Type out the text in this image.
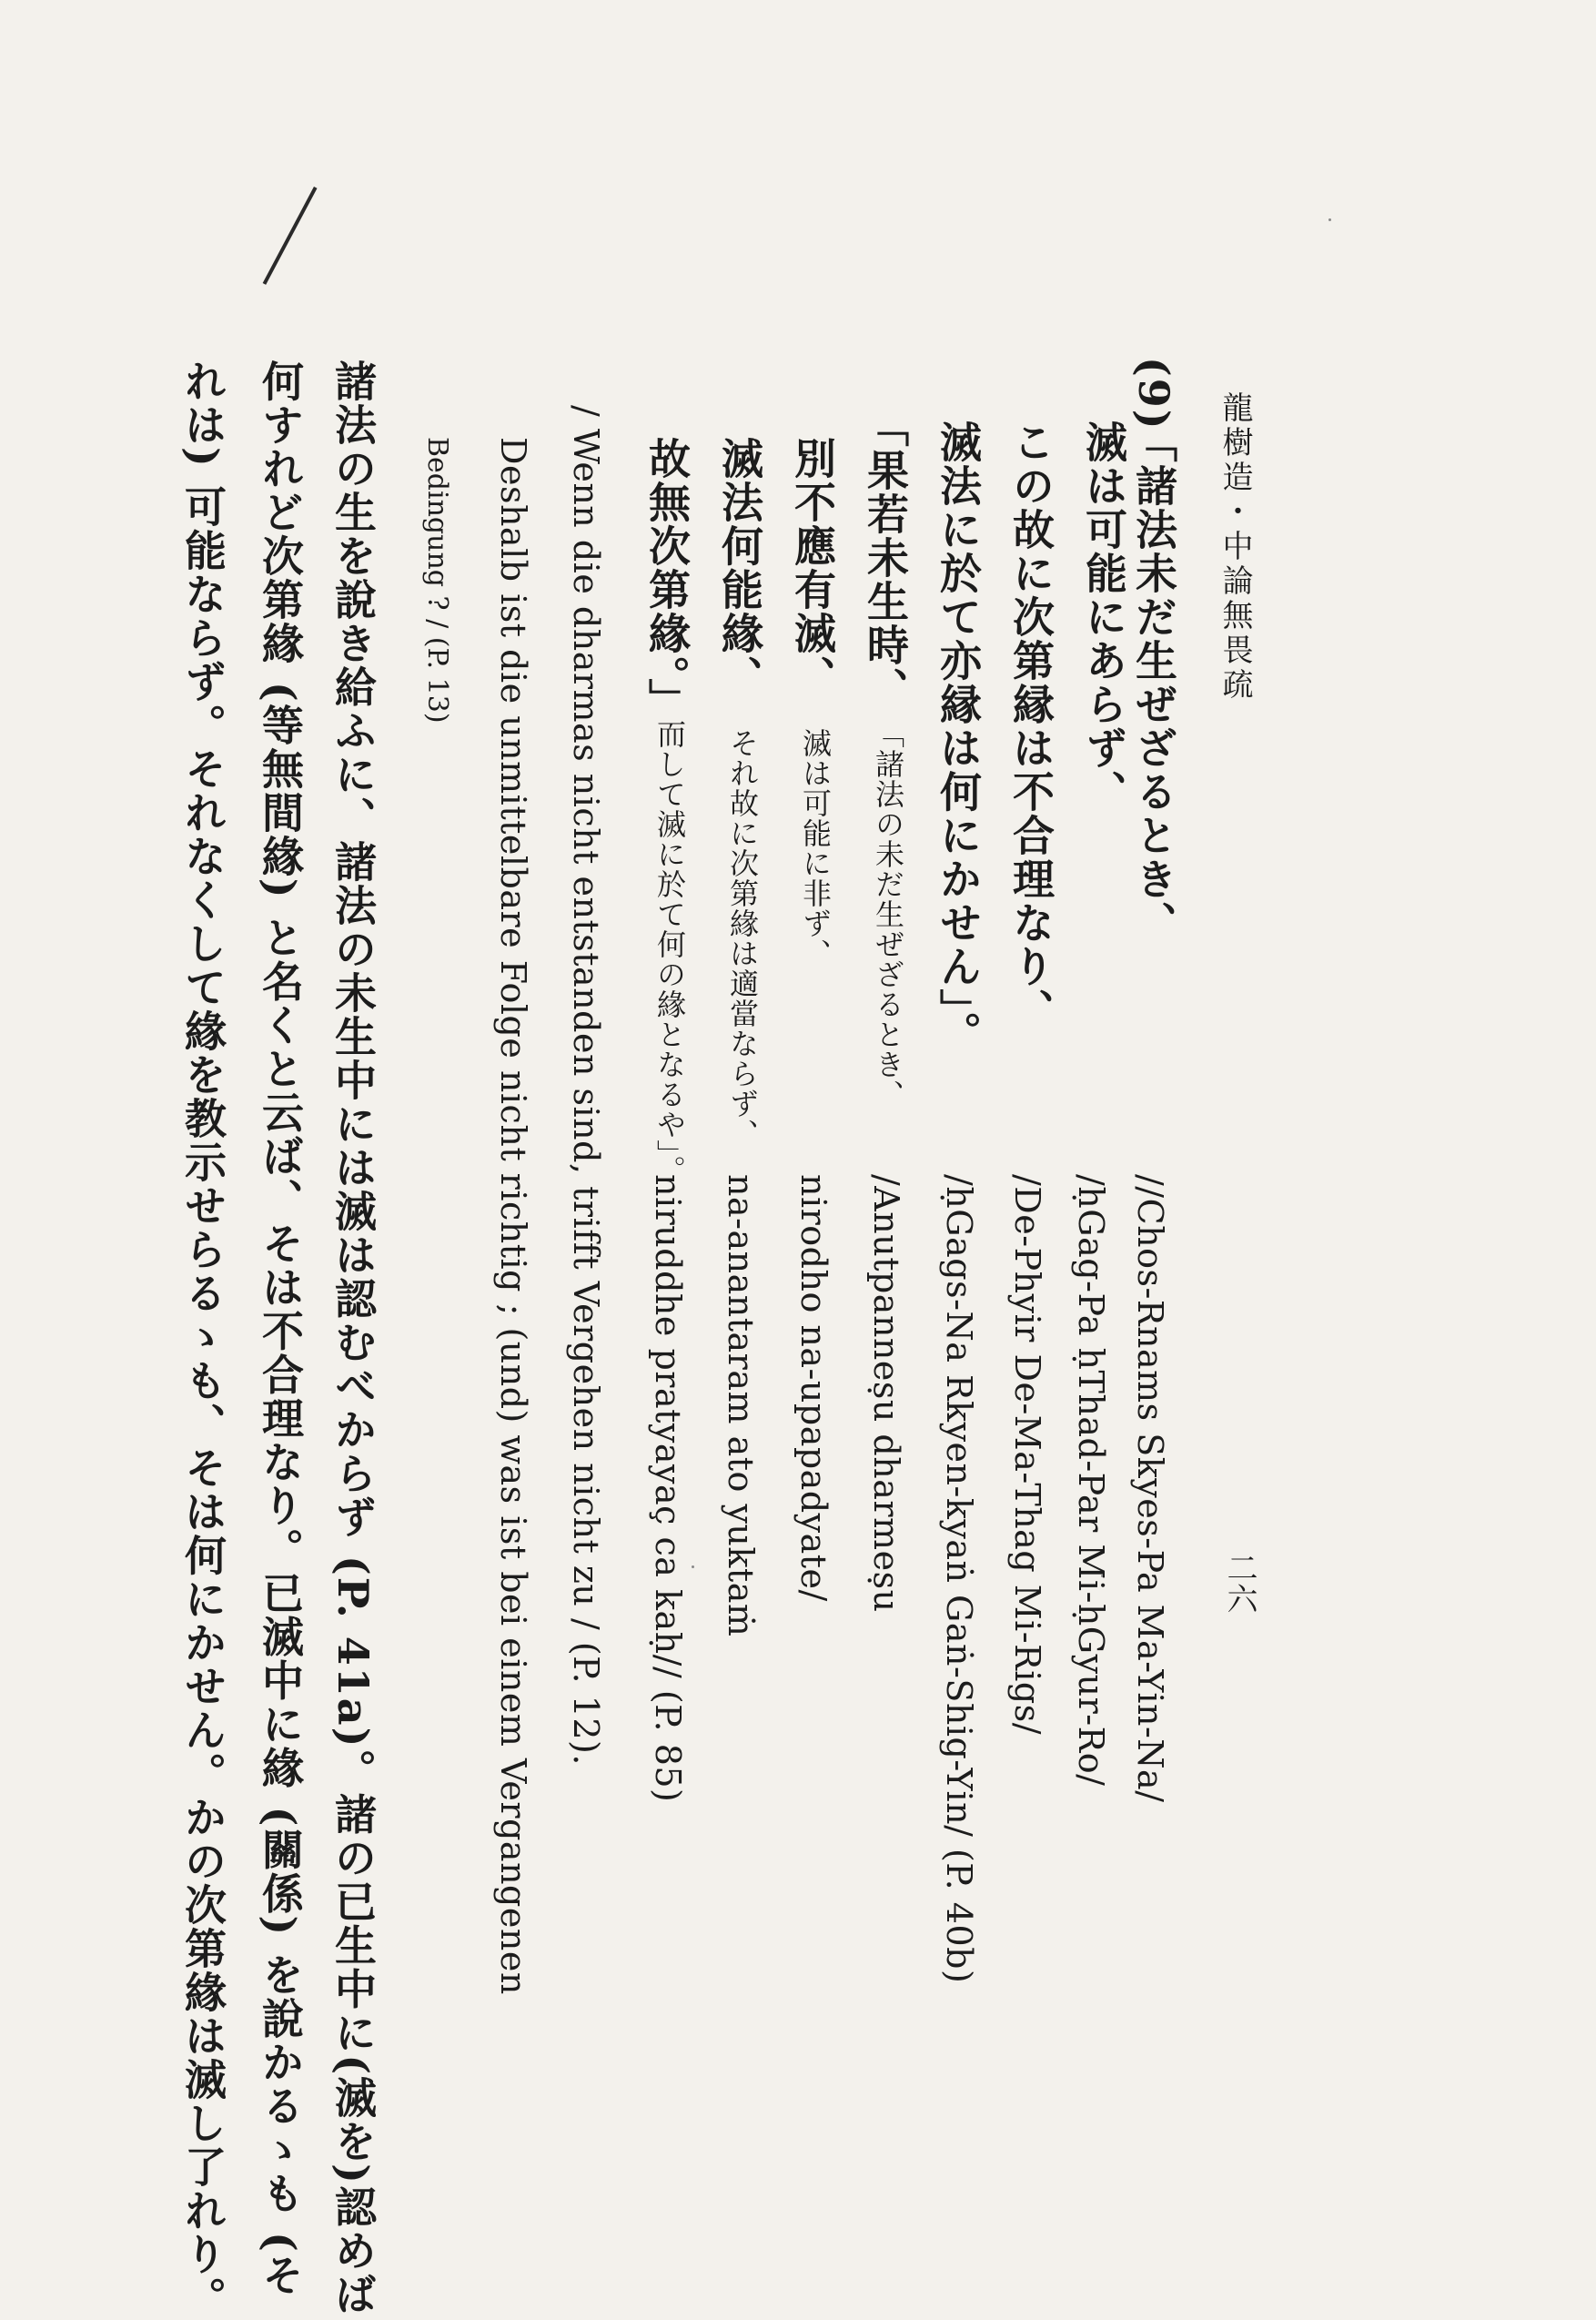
龍樹造・中論無畏疏
二六
(9)
「諸法未だ生ぜざるとき、
滅は可能にあらず、
この故に次第縁は不合理なり、
滅法に於て亦縁は何にかせん」。
//Chos-Rnams Skyes-Pa Ma-Yin-Na/
/ḥGag-Pa ḥThad-Par Mi-ḥGyur-Ro/
/De-Phyir De-Ma-Thag Mi-Rigs/
/ḥGags-Na Rkyen-kyaṅ Gaṅ-Shig-Yin/ (P. 40b)
「果若未生時、
「諸法の未だ生ぜざるとき、
/Anutpanneṣu dharmeṣu
別不應有滅、
滅は可能に非ず、
nirodho na-upapadyate/
滅法何能緣、
それ故に次第緣は適當ならず、
na-anantaram ato yuktaṁ
故無次第緣。」
而して滅に於て何の緣となるや」。
niruddhe pratyayaç ca kaḥ// (P. 85)
/ Wenn die dharmas nicht entstanden sind, trifft Vergehen nicht zu / (P. 12).
Deshalb ist die unmittelbare Folge nicht richtig ; (und) was ist bei einem Vergangenen
Bedingung ? / (P. 13)
諸法の生を說き給ふに、諸法の未生中には滅は認むべからず (P. 41a)。諸の已生中に(滅を)認めば
何すれど次第緣 (等無間緣) と名くと云ば、そは不合理なり。已滅中に緣 (關係) を說かるゝも (そ
れは) 可能ならず。それなくして緣を教示せらるゝも、そは何にかせん。かの次第緣は滅し了れり。
